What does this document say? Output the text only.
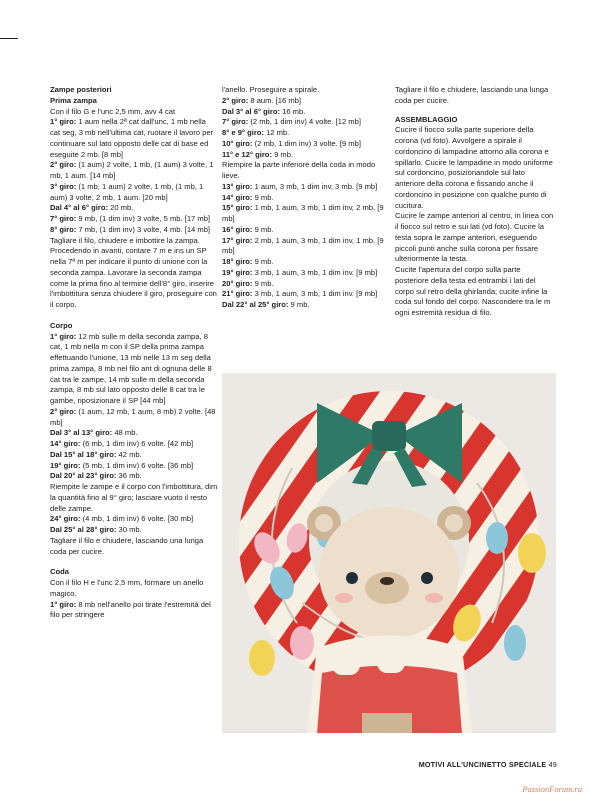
Zampe posteriori

Prima zampa

Con il filo G e l'unc 2,5 mm, avv 4 cat

1° giro: 1 aum nella 2ª cat dall'unc, 1 mb nella cat seg, 3 mb nell'ultima cat, ruotare il lavoro per continuare sul lato opposto delle cat di base ed eseguite 2 mb. [8 mb]

2° giro: (1 aum) 2 volte, 1 mb, (1 aum) 3 volte, 1 mb, 1 aum. [14 mb]

3° giro: (1 mb, 1 aum) 2 volte, 1 mb, (1 mb, 1 aum) 3 volte, 2 mb, 1 aum. [20 mb]

Dal 4° al 6° giro: 20 mb.

7° giro: 9 mb, (1 dim inv) 3 volte, 5 mb. [17 mb]

8° giro: 7 mb, (1 dim inv) 3 volte, 4 mb. [14 mb] Tagliare il filo, chiudere e imbottire la zampa.

Procedendo in avanti, contare 7 m e ins un SP nella 7ª m per indicare il punto di unione con la seconda zampa. Lavorare la seconda zampa come la prima fino al termine dell'8° giro, inserire l'imbottitura senza chiudere il giro, proseguire con il corpo.

Corpo

1° giro: 12 mb sulle m della seconda zampa, 8 cat, 1 mb nella m con il SP della prima zampa effettuando l'unione, 13 mb nelle 13 m seg della prima zampa, 8 mb nel filo ant di ognuna delle 8 cat tra le zampe, 14 mb sulle m della seconda zampa, 8 mb sul lato opposto delle 8 cat tra le gambe, riposizionare il SP [44 mb]

2° giro: (1 aum, 12 mb, 1 aum, 8 mb) 2 volte. [48 mb]

Dal 3° al 13° giro: 48 mb.

14° giro: (6 mb, 1 dim inv) 6 volte. [42 mb]

Dal 15° al 18° giro: 42 mb.

19° giro: (5 mb, 1 dim inv) 6 volte. [36 mb]

Dal 20° al 23° giro: 36 mb.

Riempite le zampe e il corpo con l'imbottitura, dim la quantità fino al 9° giro; lasciare vuoto il resto delle zampe.

24° giro: (4 mb, 1 dim inv) 6 volte. [30 mb]

Dal 25° al 28° giro: 30 mb.

Tagliare il filo e chiudere, lasciando una lunga coda per cucire.

Coda

Con il filo H e l'unc 2,5 mm, formare un anello magico.

1° giro: 8 mb nell'anello poi tirate l'estremità del filo per stringere

l'anello. Proseguire a spirale.

2° giro: 8 aum. [16 mb]

Dal 3° al 6° giro: 16 mb.

7° giro: (2 mb, 1 dim inv) 4 volte. [12 mb]

8° e 9° giro: 12 mb.

10° giro: (2 mb, 1 dim inv) 3 volte. [9 mb]

11° e 12° giro: 9 mb.

Riempire la parte inferiore della coda in modo lieve.

13° giro: 1 aum, 3 mb, 1 dim inv, 3 mb. [9 mb]

14° giro: 9 mb.

15° giro: 1 mb, 1 aum, 3 mb, 1 dim inv, 2 mb. [9 mb]

16° giro: 9 mb.

17° giro: 2 mb, 1 aum, 3 mb, 1 dim inv, 1 mb. [9 mb]

18° giro: 9 mb.

19° giro: 3 mb, 1 aum, 3 mb, 1 dim inv. [9 mb]

20° giro: 9 mb.

21° giro: 3 mb, 1 aum, 3 mb, 1 dim inv. [9 mb]

Dal 22° al 25° giro: 9 mb.

Tagliare il filo e chiudere, lasciando una lunga coda per cucire.

ASSEMBLAGGIO

Cucire il fiocco sulla parte superiore della corona (vd foto). Avvolgere a spirale il cordoncino di lampadine attorno alla corona e spillarlo. Cucire le lampadine in modo uniforme sul cordoncino, posizionandole sul lato anteriore della corona e fissando anche il cordoncino in posizione con qualche punto di cucitura.

Cucire le zampe anteriori al centro, in linea con il fiocco sul retro e sui lati (vd foto). Cucire la testa sopra le zampe anteriori, eseguendo piccoli punti anche sulla corona per fissare ulteriormente la testa.

Cucite l'apertura del corpo sulla parte posteriore della testa ed entrambi i lati del corpo sul retro della ghirlanda; cucite infine la coda sul fondo del corpo. Nascondere tra le m ogni estremità residua di filo.

MOTIVI ALL'UNCINETTO SPECIALE 49
PassionForum.ru
